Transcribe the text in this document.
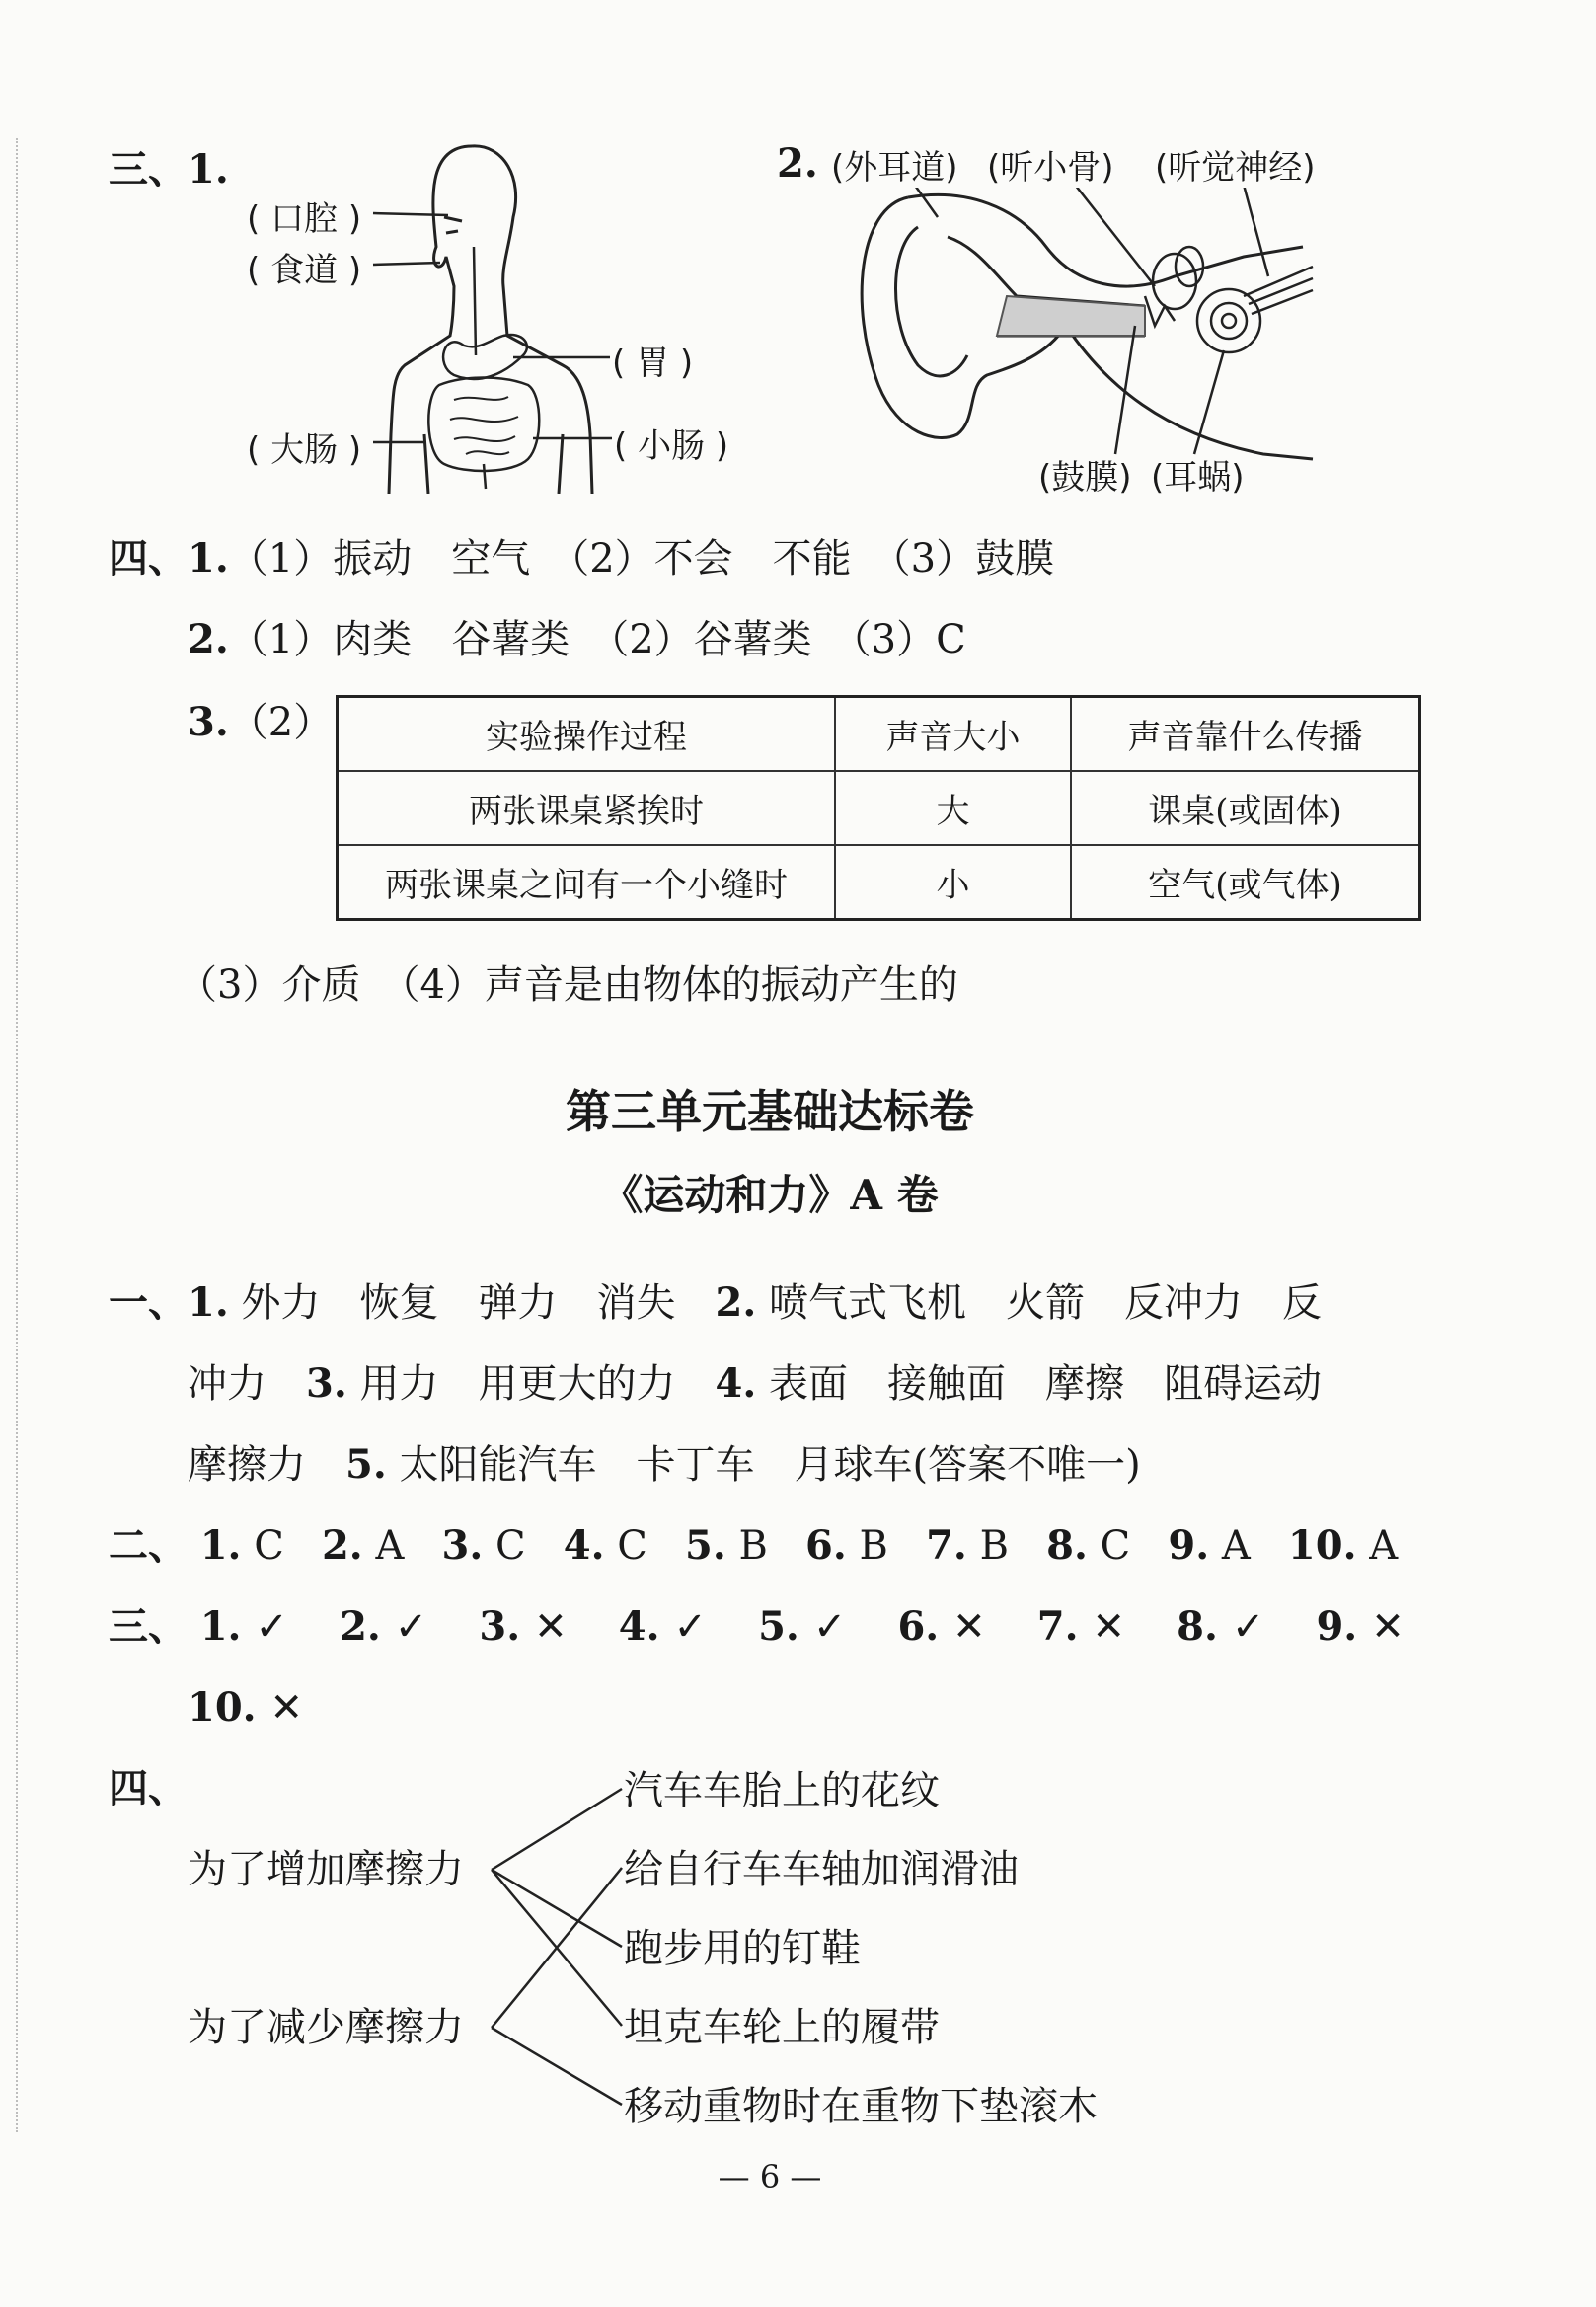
三、1.
( 口腔 )
( 食道 )
( 胃 )
( 大肠 )	( 小肠 )
2. (外耳道) (听小骨) (听觉神经)
(鼓膜) (耳蜗)
四、1.（1）振动　空气　（2）不会　不能　（3）鼓膜
2.（1）肉类　谷薯类　（2）谷薯类　（3）C
3.（2）	实验操作过程	声音大小	声音靠什么传播
两张课桌紧挨时	大	课桌(或固体)
两张课桌之间有一个小缝时	小	空气(或气体)
（3）介质　（4）声音是由物体的振动产生的
第三单元基础达标卷
《运动和力》A 卷
一、1. 外力　恢复　弹力　消失　2. 喷气式飞机　火箭　反冲力　反
冲力　3. 用力　用更大的力　4. 表面　接触面　摩擦　阻碍运动
摩擦力　5. 太阳能汽车　卡丁车　月球车(答案不唯一)
二、 1. C 2. A 3. C 4. C 5. B 6. B 7. B 8. C 9. A 10. A
三、 1. ✓ 2. ✓ 3. ✕ 4. ✓ 5. ✓ 6. ✕ 7. ✕ 8. ✓ 9. ✕
10. ✕
四、
为了增加摩擦力
为了减少摩擦力
汽车车胎上的花纹
给自行车车轴加润滑油
跑步用的钉鞋
坦克车轮上的履带
移动重物时在重物下垫滚木
— 6 —
